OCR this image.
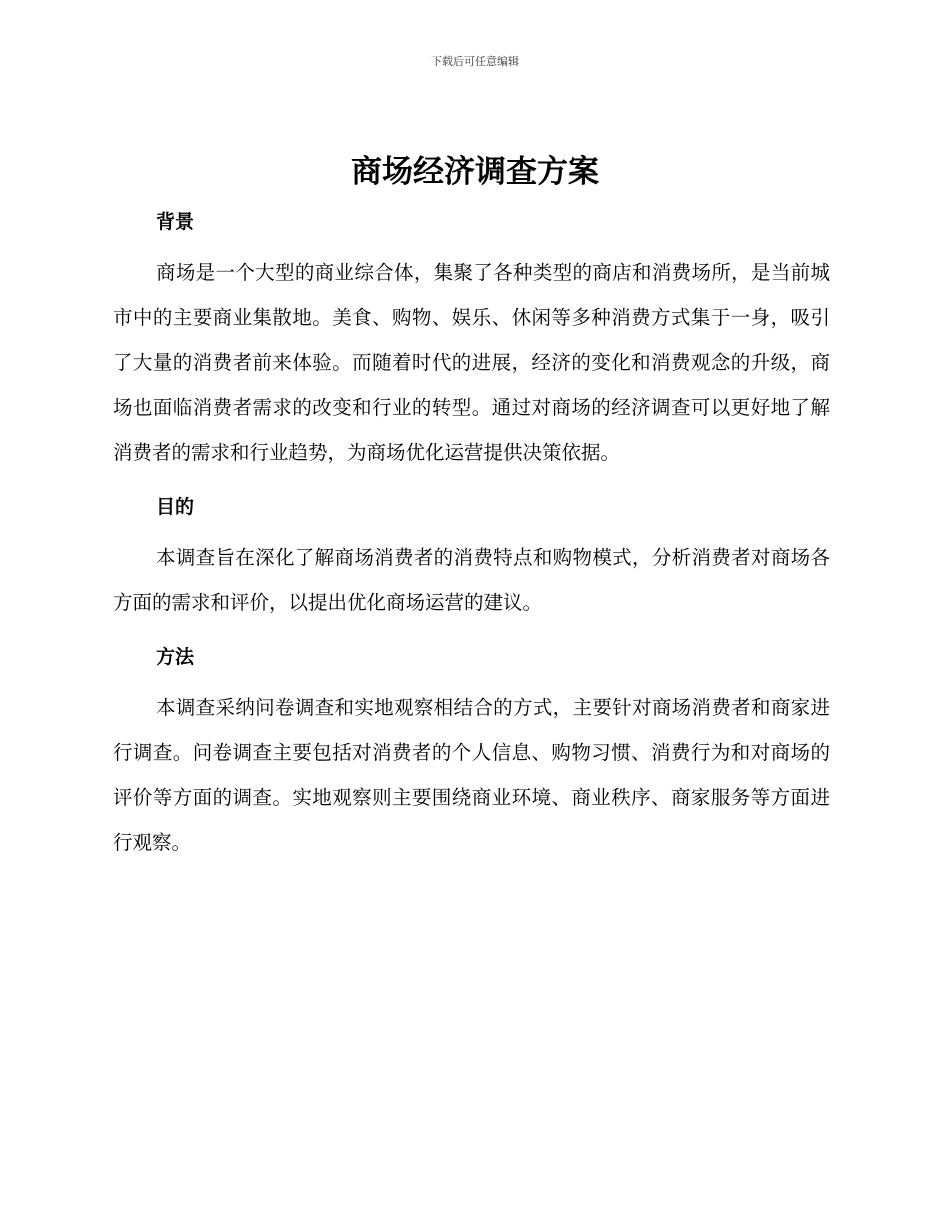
下载后可任意编辑
商场经济调查方案
背景

商场是一个大型的商业综合体，集聚了各种类型的商店和消费场所，是当前城市中的主要商业集散地。美食、购物、娱乐、休闲等多种消费方式集于一身，吸引了大量的消费者前来体验。而随着时代的进展，经济的变化和消费观念的升级，商场也面临消费者需求的改变和行业的转型。通过对商场的经济调查可以更好地了解消费者的需求和行业趋势，为商场优化运营提供决策依据。

目的

本调查旨在深化了解商场消费者的消费特点和购物模式，分析消费者对商场各方面的需求和评价，以提出优化商场运营的建议。

方法

本调查采纳问卷调查和实地观察相结合的方式，主要针对商场消费者和商家进行调查。问卷调查主要包括对消费者的个人信息、购物习惯、消费行为和对商场的评价等方面的调查。实地观察则主要围绕商业环境、商业秩序、商家服务等方面进行观察。
